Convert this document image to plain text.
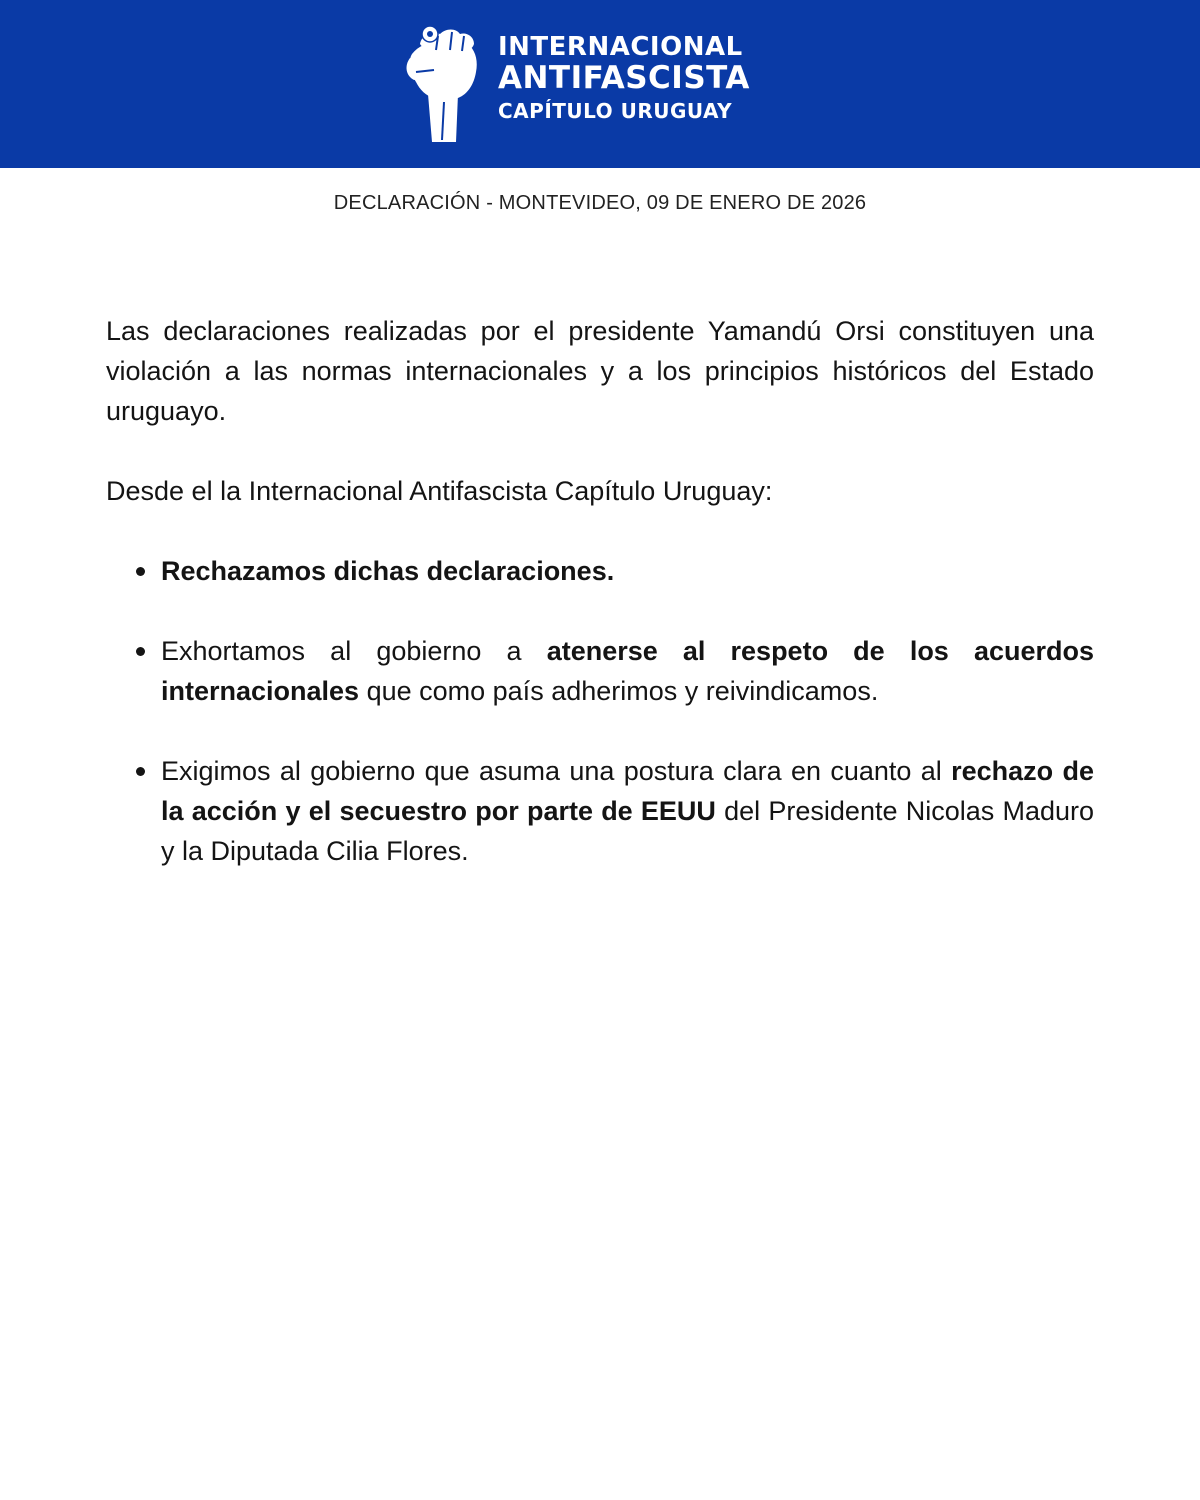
INTERNACIONAL
ANTIFASCISTA
CAPÍTULO URUGUAY
DECLARACIÓN - MONTEVIDEO, 09 DE ENERO DE 2026

Las declaraciones realizadas por el presidente Yamandú Orsi constituyen una violación a las normas internacionales y a los principios históricos del Estado uruguayo.

Desde el la Internacional Antifascista Capítulo Uruguay:

Rechazamos dichas declaraciones.
Exhortamos al gobierno a atenerse al respeto de los acuerdos internacionales que como país adherimos y reivindicamos.
Exigimos al gobierno que asuma una postura clara en cuanto al rechazo de la acción y el secuestro por parte de EEUU del Presidente Nicolas Maduro y la Diputada Cilia Flores.
